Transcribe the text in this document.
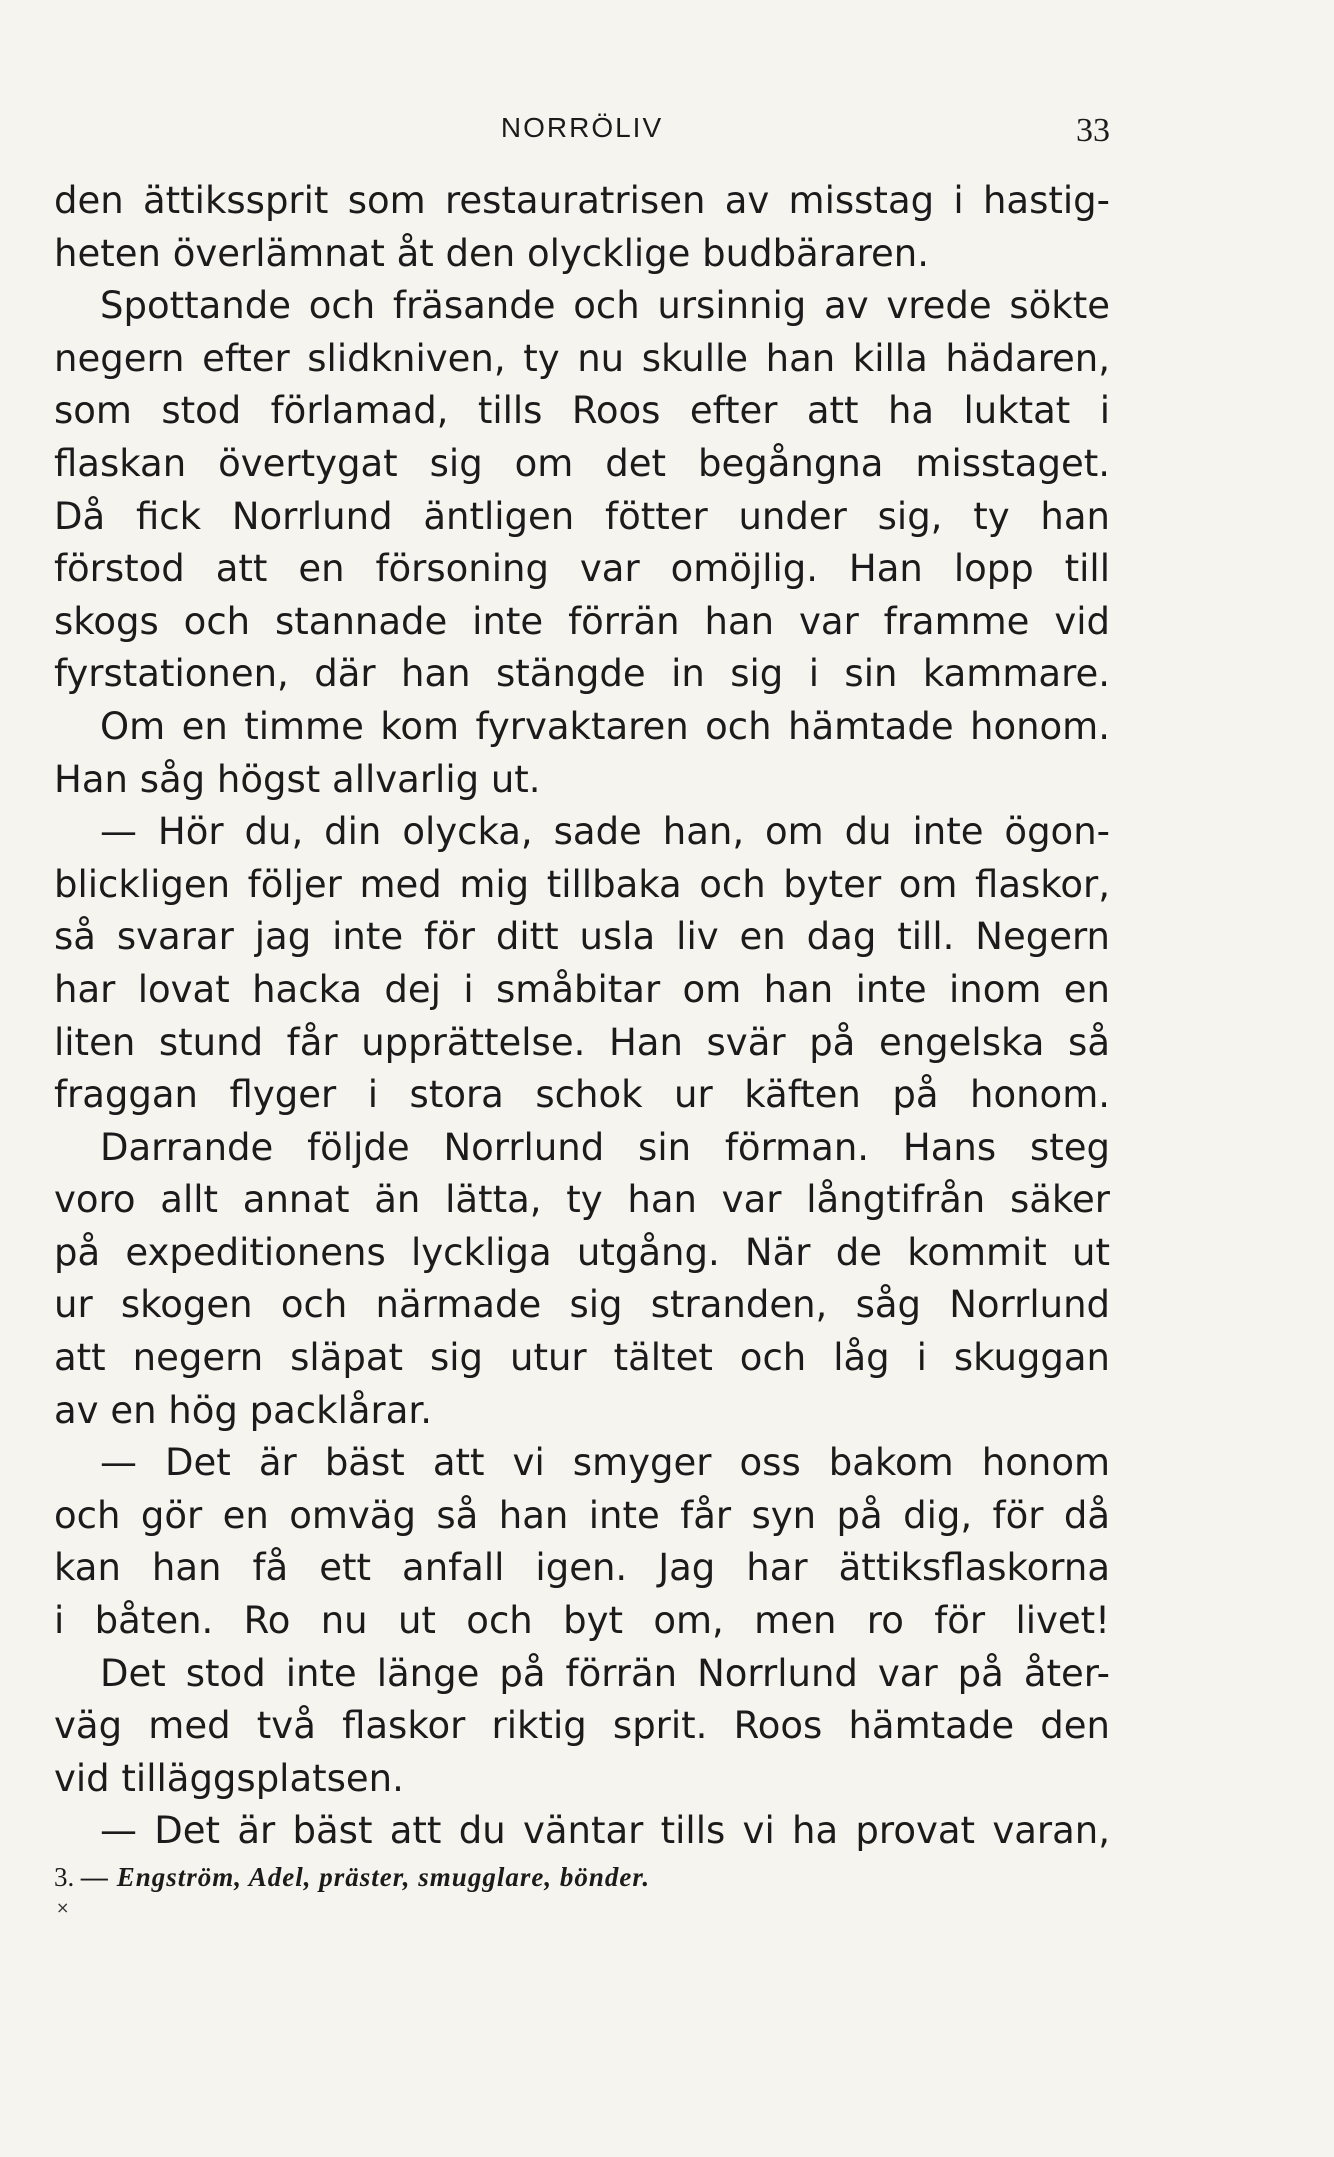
NORRÖLIV	33
den ättikssprit som restauratrisen av misstag i hastig-
heten överlämnat åt den olycklige budbäraren.
Spottande och fräsande och ursinnig av vrede sökte
negern efter slidkniven, ty nu skulle han killa hädaren,
som stod förlamad, tills Roos efter att ha luktat i
flaskan övertygat sig om det begångna misstaget.
Då fick Norrlund äntligen fötter under sig, ty han
förstod att en försoning var omöjlig. Han lopp till
skogs och stannade inte förrän han var framme vid
fyrstationen, där han stängde in sig i sin kammare.
Om en timme kom fyrvaktaren och hämtade honom.
Han såg högst allvarlig ut.
— Hör du, din olycka, sade han, om du inte ögon-
blickligen följer med mig tillbaka och byter om flaskor,
så svarar jag inte för ditt usla liv en dag till. Negern
har lovat hacka dej i småbitar om han inte inom en
liten stund får upprättelse. Han svär på engelska så
fraggan flyger i stora schok ur käften på honom.
Darrande följde Norrlund sin förman. Hans steg
voro allt annat än lätta, ty han var långtifrån säker
på expeditionens lyckliga utgång. När de kommit ut
ur skogen och närmade sig stranden, såg Norrlund
att negern släpat sig utur tältet och låg i skuggan
av en hög packlårar.
— Det är bäst att vi smyger oss bakom honom
och gör en omväg så han inte får syn på dig, för då
kan han få ett anfall igen. Jag har ättiksflaskorna
i båten. Ro nu ut och byt om, men ro för livet!
Det stod inte länge på förrän Norrlund var på åter-
väg med två flaskor riktig sprit. Roos hämtade den
vid tilläggsplatsen.
— Det är bäst att du väntar tills vi ha provat varan,
3. — Engström, Adel, präster, smugglare, bönder.
×
